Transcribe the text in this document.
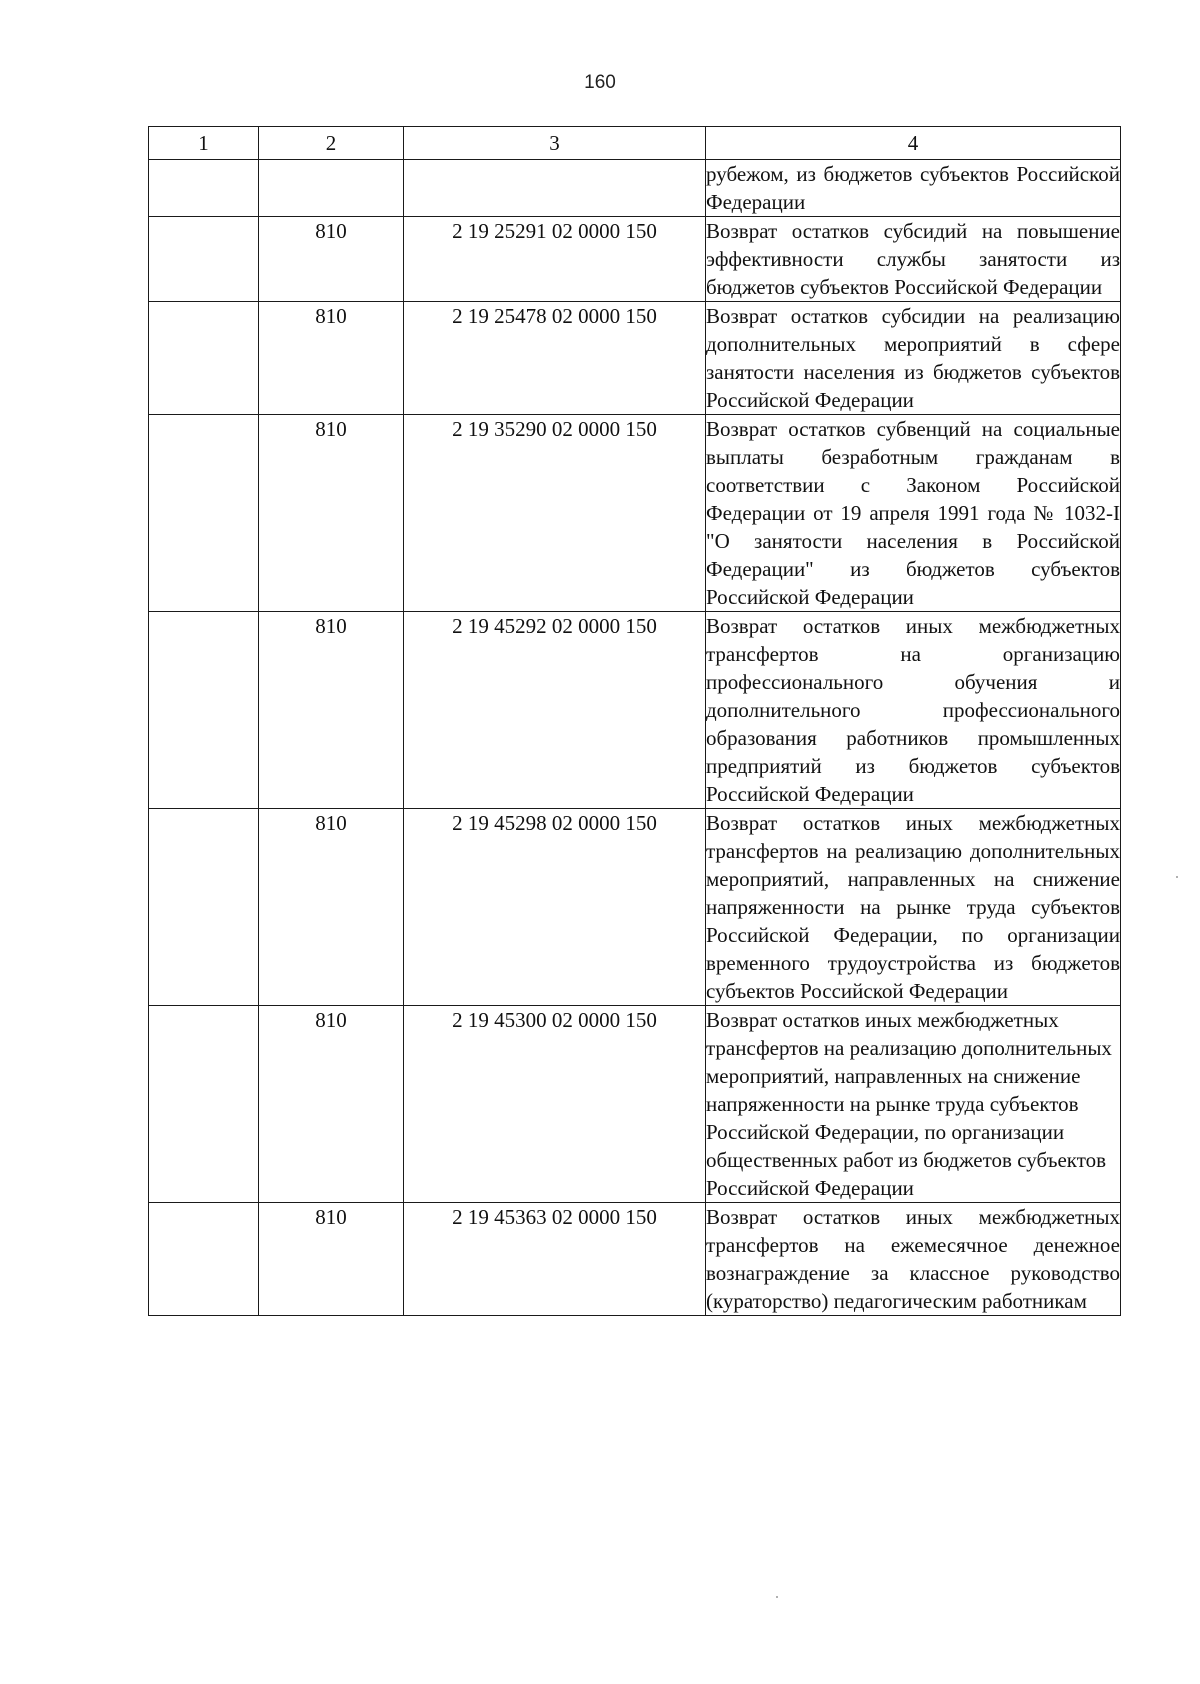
160
1	2	3	4
			рубежом, из бюджетов субъектов Российской Федерации
	810	2 19 25291 02 0000 150	Возврат остатков субсидий на повышение эффективности службы занятости из бюджетов субъектов Российской Федерации
	810	2 19 25478 02 0000 150	Возврат остатков субсидии на реализацию дополнительных мероприятий в сфере занятости населения из бюджетов субъектов Российской Федерации
	810	2 19 35290 02 0000 150	Возврат остатков субвенций на социальные выплаты безработным гражданам в соответствии с Законом Российской Федерации от 19 апреля 1991 года № 1032-I "О занятости населения в Российской Федерации" из бюджетов субъектов Российской Федерации
	810	2 19 45292 02 0000 150	Возврат остатков иных межбюджетных трансфертов на организацию профессионального обучения и дополнительного профессионального образования работников промышленных предприятий из бюджетов субъектов Российской Федерации
	810	2 19 45298 02 0000 150	Возврат остатков иных межбюджетных трансфертов на реализацию дополнительных мероприятий, направленных на снижение напряженности на рынке труда субъектов Российской Федерации, по организации временного трудоустройства из бюджетов субъектов Российской Федерации
	810	2 19 45300 02 0000 150	Возврат остатков иных межбюджетных трансфертов на реализацию дополнительных мероприятий, направленных на снижение напряженности на рынке труда субъектов Российской Федерации, по организации общественных работ из бюджетов субъектов Российской Федерации
	810	2 19 45363 02 0000 150	Возврат остатков иных межбюджетных трансфертов на ежемесячное денежное вознаграждение за классное руководство (кураторство) педагогическим работникам
